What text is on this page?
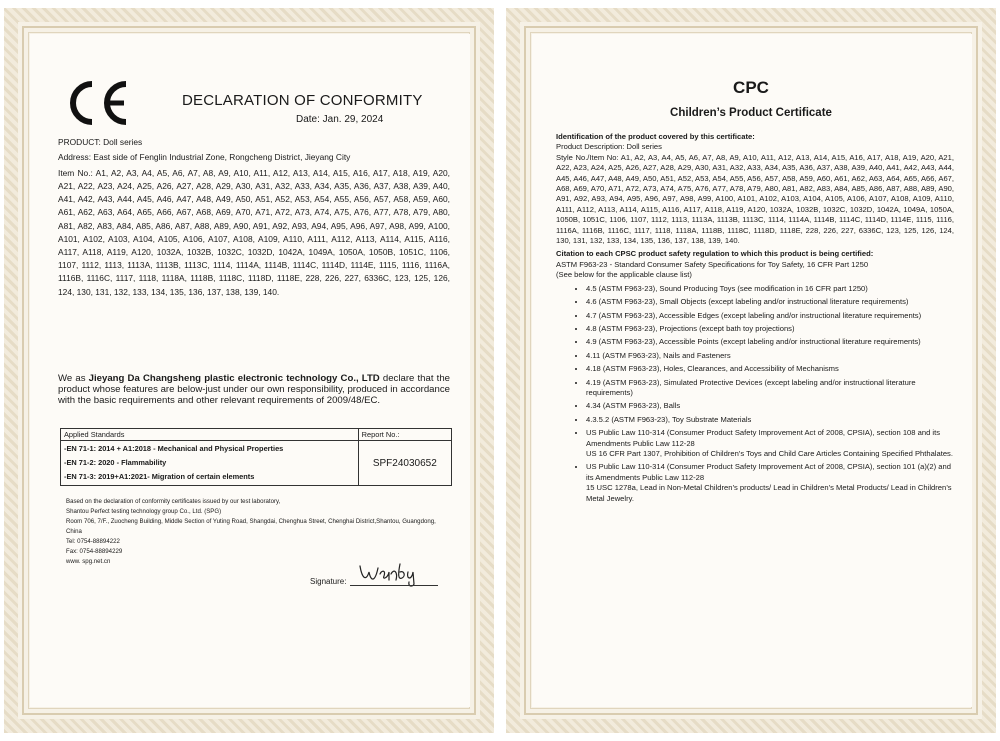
DECLARATION OF CONFORMITY
Date: Jan. 29, 2024

PRODUCT: Doll series

Address: East side of Fenglin Industrial Zone, Rongcheng District, Jieyang City

Item No.: A1, A2, A3, A4, A5, A6, A7, A8, A9, A10, A11, A12, A13, A14, A15, A16, A17, A18, A19, A20, A21, A22, A23, A24, A25, A26, A27, A28, A29, A30, A31, A32, A33, A34, A35, A36, A37, A38, A39, A40, A41, A42, A43, A44, A45, A46, A47, A48, A49, A50, A51, A52, A53, A54, A55, A56, A57, A58, A59, A60, A61, A62, A63, A64, A65, A66, A67, A68, A69, A70, A71, A72, A73, A74, A75, A76, A77, A78, A79, A80, A81, A82, A83, A84, A85, A86, A87, A88, A89, A90, A91, A92, A93, A94, A95, A96, A97, A98, A99, A100, A101, A102, A103, A104, A105, A106, A107, A108, A109, A110, A111, A112, A113, A114, A115, A116, A117, A118, A119, A120, 1032A, 1032B, 1032C, 1032D, 1042A, 1049A, 1050A, 1050B, 1051C, 1106, 1107, 1112, 1113, 1113A, 1113B, 1113C, 1114, 1114A, 1114B, 1114C, 1114D, 1114E, 1115, 1116, 1116A, 1116B, 1116C, 1117, 1118, 1118A, 1118B, 1118C, 1118D, 1118E, 228, 226, 227, 6336C, 123, 125, 126, 124, 130, 131, 132, 133, 134, 135, 136, 137, 138, 139, 140.

We as Jieyang Da Changsheng plastic electronic technology Co., LTD declare that the product whose features are below-just under our own responsibility, produced in accordance with the basic requirements and other relevant requirements of 2009/48/EC.
Applied Standards	Report No.:

-EN 71-1: 2014 + A1:2018 - Mechanical and Physical Properties
-EN 71-2: 2020 - Flammability
-EN 71-3: 2019+A1:2021- Migration of certain elements	SPF24030652

Based on the declaration of conformity certificates issued by our test laboratory,

Shantou Perfect testing technology group Co., Ltd. (SPG)

Room 706, 7/F., Zuocheng Building, Middle Section of Yuting Road, Shangdai, Chenghua Street, Chenghai District,Shantou, Guangdong, China

Tel: 0754-88894222

Fax: 0754-88894229

www. spg.net.cn

Signature:
CPC
Children’s Product Certificate

Identification of the product covered by this certificate:

Product Description: Doll series

Style No./Item No: A1, A2, A3, A4, A5, A6, A7, A8, A9, A10, A11, A12, A13, A14, A15, A16, A17, A18, A19, A20, A21, A22, A23, A24, A25, A26, A27, A28, A29, A30, A31, A32, A33, A34, A35, A36, A37, A38, A39, A40, A41, A42, A43, A44, A45, A46, A47, A48, A49, A50, A51, A52, A53, A54, A55, A56, A57, A58, A59, A60, A61, A62, A63, A64, A65, A66, A67, A68, A69, A70, A71, A72, A73, A74, A75, A76, A77, A78, A79, A80, A81, A82, A83, A84, A85, A86, A87, A88, A89, A90, A91, A92, A93, A94, A95, A96, A97, A98, A99, A100, A101, A102, A103, A104, A105, A106, A107, A108, A109, A110, A111, A112, A113, A114, A115, A116, A117, A118, A119, A120, 1032A, 1032B, 1032C, 1032D, 1042A, 1049A, 1050A, 1050B, 1051C, 1106, 1107, 1112, 1113, 1113A, 1113B, 1113C, 1114, 1114A, 1114B, 1114C, 1114D, 1114E, 1115, 1116, 1116A, 1116B, 1116C, 1117, 1118, 1118A, 1118B, 1118C, 1118D, 1118E, 228, 226, 227, 6336C, 123, 125, 126, 124, 130, 131, 132, 133, 134, 135, 136, 137, 138, 139, 140.

Citation to each CPSC product safety regulation to which this product is being certified:

ASTM F963-23 - Standard Consumer Safety Specifications for Toy Safety, 16 CFR Part 1250

(See below for the applicable clause list)

• 4.5 (ASTM F963-23), Sound Producing Toys (see modification in 16 CFR part 1250)
• 4.6 (ASTM F963-23), Small Objects (except labeling and/or instructional literature requirements)
• 4.7 (ASTM F963-23), Accessible Edges (except labeling and/or instructional literature requirements)
• 4.8 (ASTM F963-23), Projections (except bath toy projections)
• 4.9 (ASTM F963-23), Accessible Points (except labeling and/or instructional literature requirements)
• 4.11 (ASTM F963-23), Nails and Fasteners
• 4.18 (ASTM F963-23), Holes, Clearances, and Accessibility of Mechanisms
• 4.19 (ASTM F963-23), Simulated Protective Devices (except labeling and/or instructional literature requirements)
• 4.34 (ASTM F963-23), Balls
• 4.3.5.2 (ASTM F963-23), Toy Substrate Materials
• US Public Law 110-314 (Consumer Product Safety Improvement Act of 2008, CPSIA), section 108 and its Amendments Public Law 112-28
US 16 CFR Part 1307, Prohibition of Children’s Toys and Child Care Articles Containing Specified Phthalates.
• US Public Law 110-314 (Consumer Product Safety Improvement Act of 2008, CPSIA), section 101 (a)(2) and its Amendments Public Law 112-28
15 USC 1278a, Lead in Non-Metal Children’s products/ Lead in Children’s Metal Products/ Lead in Children’s Metal Jewelry.
